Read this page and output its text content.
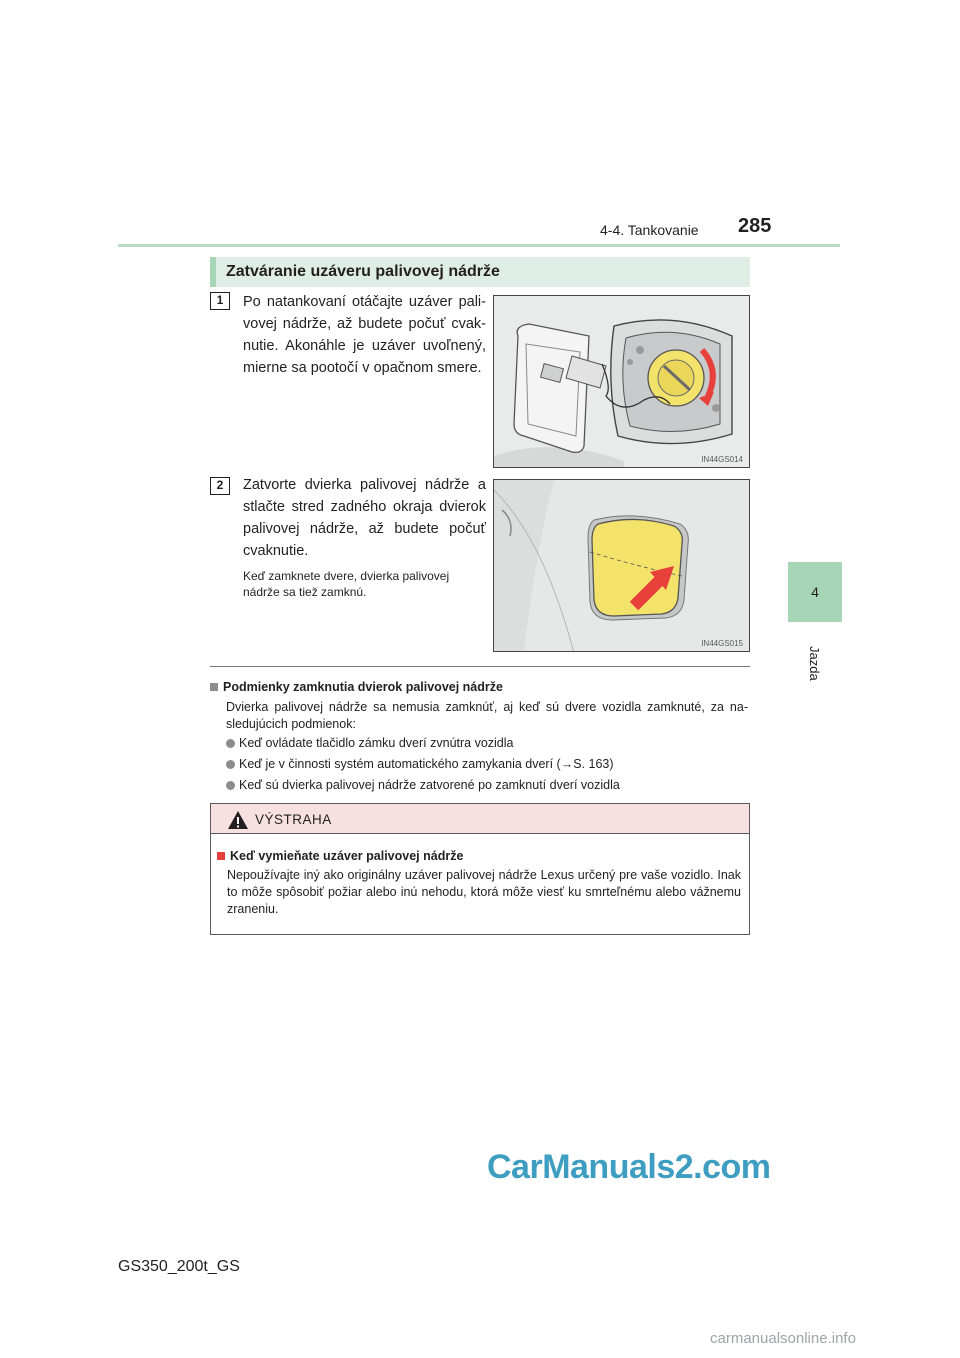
4-4. Tankovanie 285
4
Jazda
Zatváranie uzáveru palivovej nádrže
1	Po natankovaní otáčajte uzáver palivovej nádrže, až budete počuť cvaknutie. Akonáhle je uzáver uvoľnený, mierne sa pootočí v opačnom smere.
IN44GS014
2	Zatvorte dvierka palivovej nádrže a stlačte stred zadného okraja dvierok palivovej nádrže, až budete počuť cvaknutie.
Keď zamknete dvere, dvierka palivovej nádrže sa tiež zamknú.
IN44GS015
Podmienky zamknutia dvierok palivovej nádrže
Dvierka palivovej nádrže sa nemusia zamknúť, aj keď sú dvere vozidla zamknuté, za nasledujúcich podmienok:
Keď ovládate tlačidlo zámku dverí zvnútra vozidla
Keď je v činnosti systém automatického zamykania dverí (→S. 163)
Keď sú dvierka palivovej nádrže zatvorené po zamknutí dverí vozidla
VÝSTRAHA
Keď vymieňate uzáver palivovej nádrže
Nepoužívajte iný ako originálny uzáver palivovej nádrže Lexus určený pre vaše vozidlo. Inak to môže spôsobiť požiar alebo inú nehodu, ktorá môže viesť ku smrteľnému alebo vážnemu zraneniu.
GS350_200t_GS
CarManuals2.com
carmanualsonline.info
